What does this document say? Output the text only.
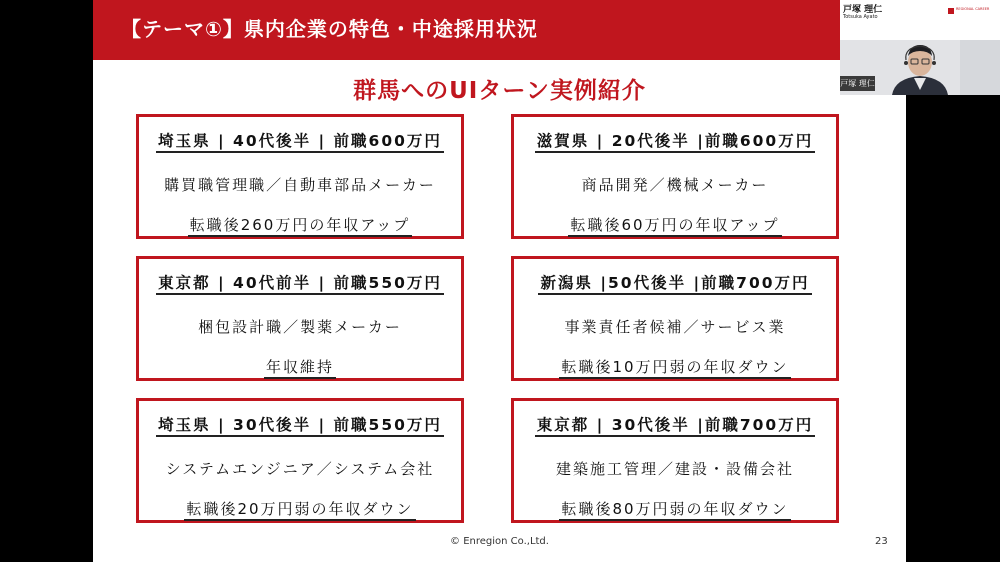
【テーマ①】県内企業の特色・中途採用状況
群馬へのUIターン実例紹介
埼玉県 | 40代後半 | 前職600万円
購買職管理職／自動車部品メーカー
転職後260万円の年収アップ
滋賀県 | 20代後半 |前職600万円
商品開発／機械メーカー
転職後60万円の年収アップ
東京都 | 40代前半 | 前職550万円
梱包設計職／製薬メーカー
年収維持
新潟県 |50代後半 |前職700万円
事業責任者候補／サービス業
転職後10万円弱の年収ダウン
埼玉県 | 30代後半 | 前職550万円
システムエンジニア／システム会社
転職後20万円弱の年収ダウン
東京都 | 30代後半 |前職700万円
建築施工管理／建設・設備会社
転職後80万円弱の年収ダウン
© Enregion Co.,Ltd.	23
戸塚 理仁
Totsuka Ayato
REGIONAL CAREER
戸塚 理仁
